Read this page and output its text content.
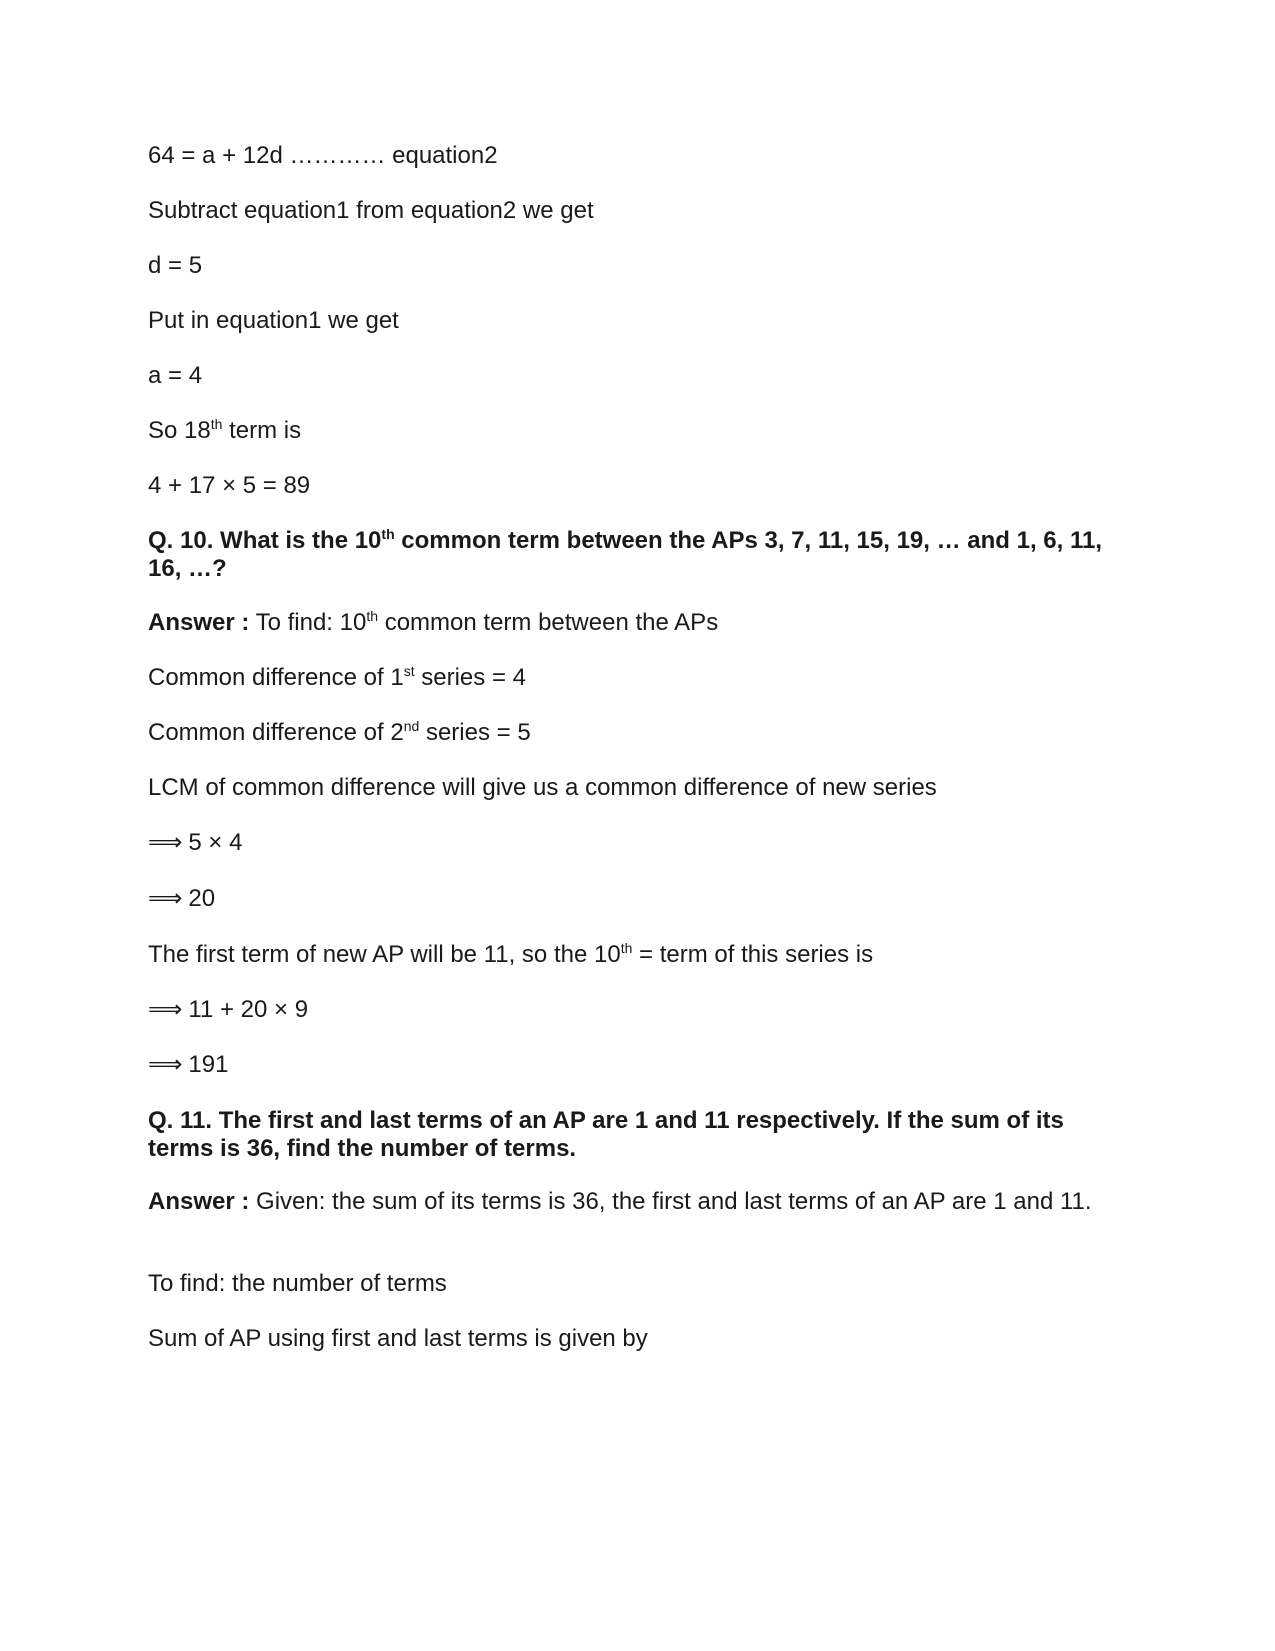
64 = a + 12d ………… equation2
Subtract equation1 from equation2 we get
d = 5
Put in equation1 we get
a = 4
So 18th term is
4 + 17 × 5 = 89
Q. 10. What is the 10th common term between the APs 3, 7, 11, 15, 19, … and 1, 6, 11, 16, …?
Answer : To find: 10th common term between the APs
Common difference of 1st series = 4
Common difference of 2nd series = 5
LCM of common difference will give us a common difference of new series
⟹ 5 × 4
⟹ 20
The first term of new AP will be 11, so the 10th = term of this series is
⟹ 11 + 20 × 9
⟹ 191
Q. 11. The first and last terms of an AP are 1 and 11 respectively. If the sum of its terms is 36, find the number of terms.
Answer : Given: the sum of its terms is 36, the first and last terms of an AP are 1 and 11.
To find: the number of terms
Sum of AP using first and last terms is given by
